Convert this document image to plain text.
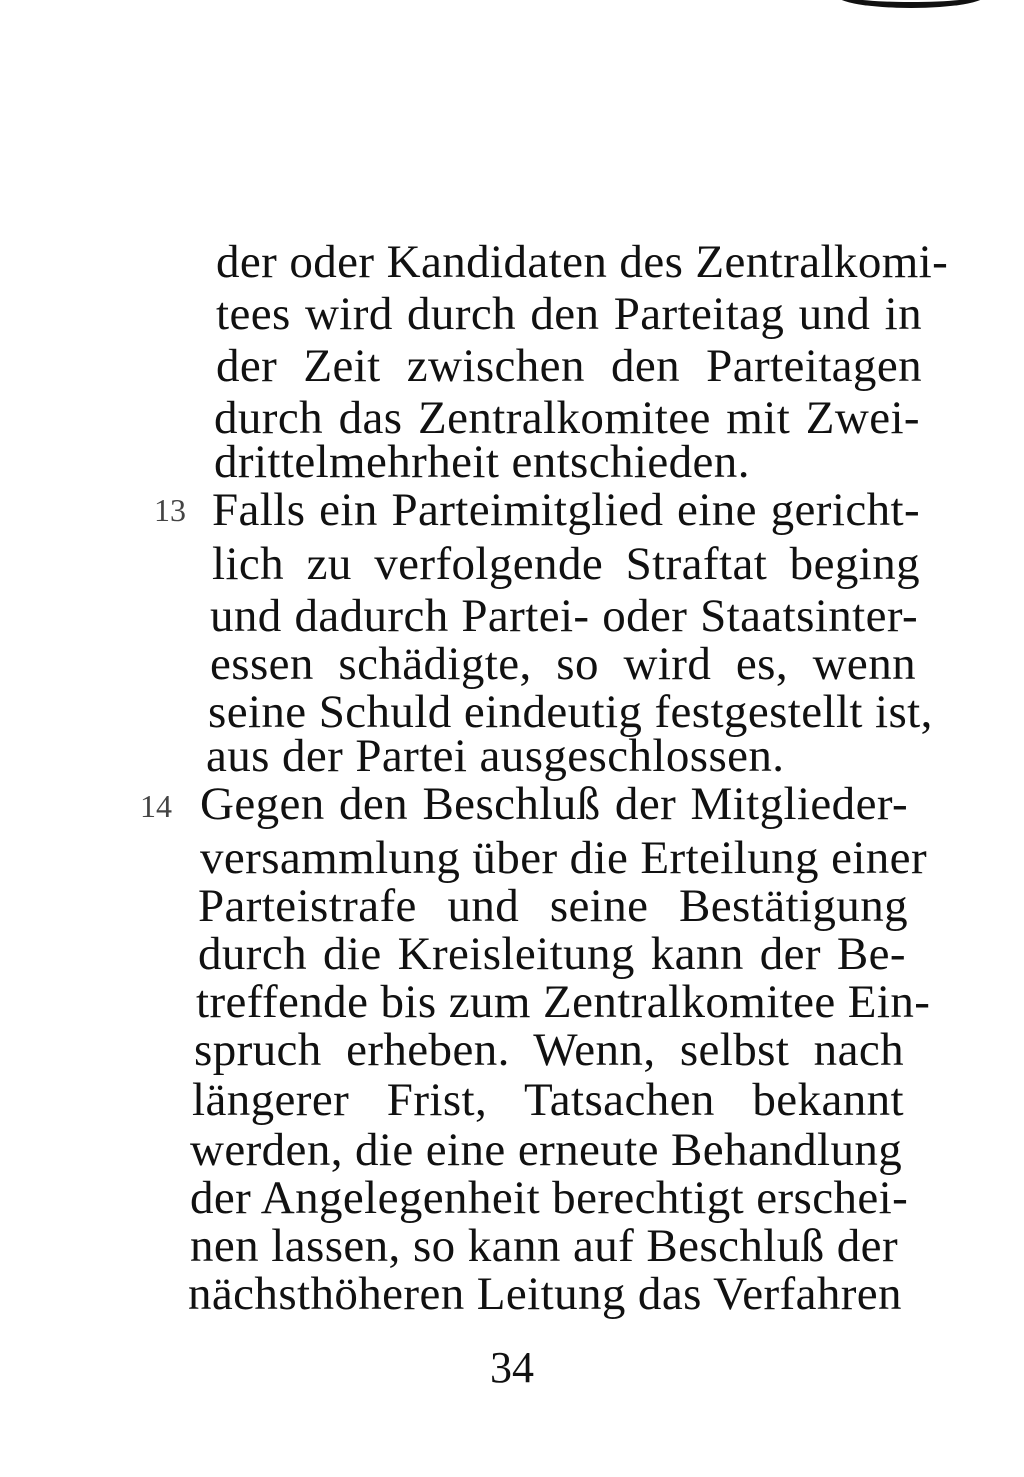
der oder Kandidaten des Zentralkomi-
tees wird durch den Parteitag und in
der Zeit zwischen den Parteitagen
durch das Zentralkomitee mit Zwei-
drittelmehrheit entschieden.
13 Falls ein Parteimitglied eine gericht-
lich zu verfolgende Straftat beging
und dadurch Partei- oder Staatsinter-
essen schädigte, so wird es, wenn
seine Schuld eindeutig festgestellt ist,
aus der Partei ausgeschlossen.
14 Gegen den Beschluß der Mitglieder-
versammlung über die Erteilung einer
Parteistrafe und seine Bestätigung
durch die Kreisleitung kann der Be-
treffende bis zum Zentralkomitee Ein-
spruch erheben. Wenn, selbst nach
längerer Frist, Tatsachen bekannt
werden, die eine erneute Behandlung
der Angelegenheit berechtigt erschei-
nen lassen, so kann auf Beschluß der
nächsthöheren Leitung das Verfahren
34
